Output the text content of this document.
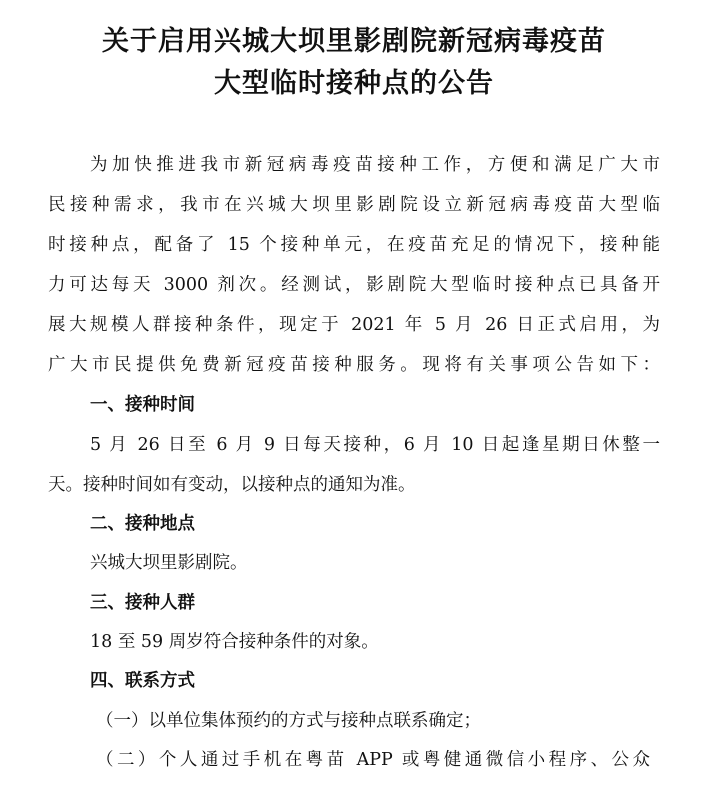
关于启用兴城大坝里影剧院新冠病毒疫苗
大型临时接种点的公告
为加快推进我市新冠病毒疫苗接种工作，方便和满足广大市
民接种需求，我市在兴城大坝里影剧院设立新冠病毒疫苗大型临
时接种点，配备了 15 个接种单元，在疫苗充足的情况下，接种能
力可达每天 3000 剂次。经测试，影剧院大型临时接种点已具备开
展大规模人群接种条件，现定于 2021 年 5 月 26 日正式启用，为
广大市民提供免费新冠疫苗接种服务。现将有关事项公告如下：
一、接种时间
5 月 26 日至 6 月 9 日每天接种，6 月 10 日起逢星期日休整一
天。接种时间如有变动，以接种点的通知为准。
二、接种地点
兴城大坝里影剧院。
三、接种人群
18 至 59 周岁符合接种条件的对象。
四、联系方式
（一）以单位集体预约的方式与接种点联系确定；
（二）个人通过手机在粤苗 APP 或粤健通微信小程序、公众
